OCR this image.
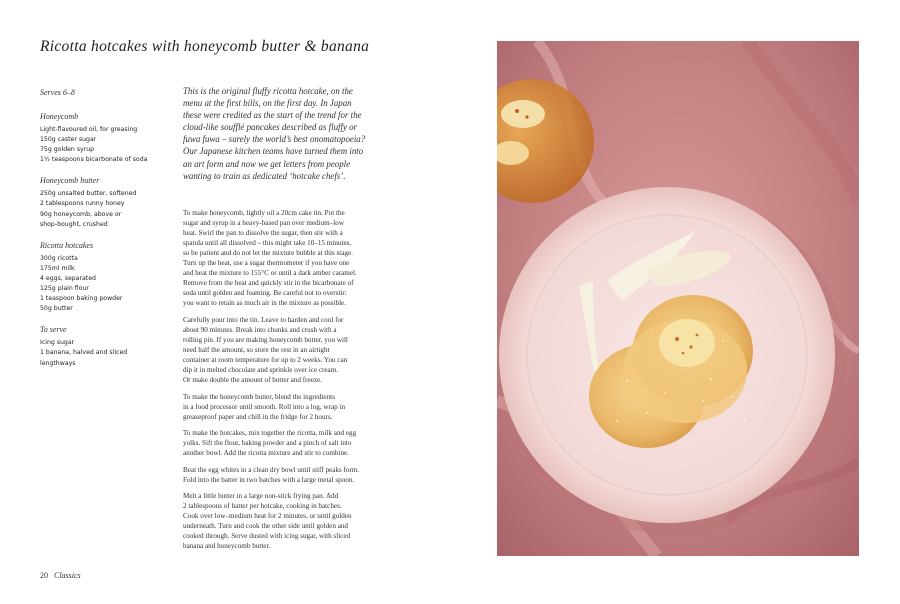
Ricotta hotcakes with honeycomb butter & banana
Serves 6–8
Honeycomb
Light-flavoured oil, for greasing
150g caster sugar
75g golden syrup
1½ teaspoons bicarbonate of soda
Honeycomb butter
250g unsalted butter, softened
2 tablespoons runny honey
90g honeycomb, above or
shop-bought, crushed
Ricotta hotcakes
300g ricotta
175ml milk
4 eggs, separated
125g plain flour
1 teaspoon baking powder
50g butter
To serve
Icing sugar
1 banana, halved and sliced
lengthways
This is the original fluffy ricotta hotcake, on the
menu at the first bills, on the first day. In Japan
these were credited as the start of the trend for the
cloud-like soufflé pancakes described as fluffy or
fuwa fuwa – surely the world’s best onomatopoeia?
Our Japanese kitchen teams have turned them into
an art form and now we get letters from people
wanting to train as dedicated ‘hotcake chefs’.

To make honeycomb, lightly oil a 20cm cake tin. Put the
sugar and syrup in a heavy-based pan over medium–low
heat. Swirl the pan to dissolve the sugar, then stir with a
spatula until all dissolved – this might take 10–15 minutes,
so be patient and do not let the mixture bubble at this stage.
Turn up the heat, use a sugar thermometer if you have one
and heat the mixture to 155°C or until a dark amber caramel.
Remove from the heat and quickly stir in the bicarbonate of
soda until golden and foaming. Be careful not to overstir:
you want to retain as much air in the mixture as possible.

Carefully pour into the tin. Leave to harden and cool for
about 90 minutes. Break into chunks and crush with a
rolling pin. If you are making honeycomb butter, you will
need half the amount, so store the rest in an airtight
container at room temperature for up to 2 weeks. You can
dip it in melted chocolate and sprinkle over ice cream.
Or make double the amount of butter and freeze.

To make the honeycomb butter, blend the ingredients
in a food processor until smooth. Roll into a log, wrap in
greaseproof paper and chill in the fridge for 2 hours.

To make the hotcakes, mix together the ricotta, milk and egg
yolks. Sift the flour, baking powder and a pinch of salt into
another bowl. Add the ricotta mixture and stir to combine.

Beat the egg whites in a clean dry bowl until stiff peaks form.
Fold into the batter in two batches with a large metal spoon.

Melt a little butter in a large non-stick frying pan. Add
2 tablespoons of batter per hotcake, cooking in batches.
Cook over low–medium heat for 2 minutes, or until golden
underneath. Turn and cook the other side until golden and
cooked through. Serve dusted with icing sugar, with sliced
banana and honeycomb butter.

20 Classics
